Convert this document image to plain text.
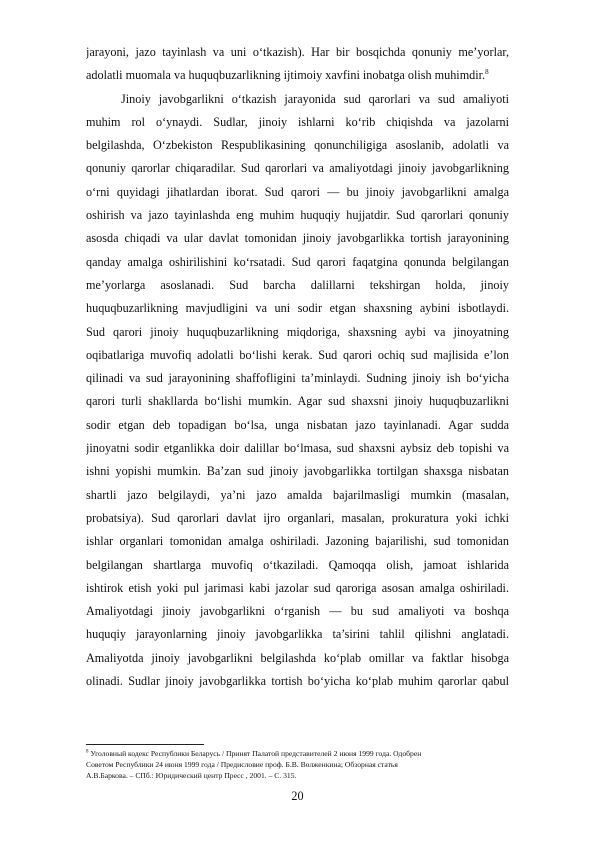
jarayoni, jazo tayinlash va uni o‘tkazish). Har bir bosqichda qonuniy me’yorlar,
adolatli muomala va huquqbuzarlikning ijtimoiy xavfini inobatga olish muhimdir.$^8$
Jinoiy javobgarlikni o‘tkazish jarayonida sud qarorlari va sud amaliyoti
muhim rol o‘ynaydi. Sudlar, jinoiy ishlarni ko‘rib chiqishda va jazolarni
belgilashda, O‘zbekiston Respublikasining qonunchiligiga asoslanib, adolatli va
qonuniy qarorlar chiqaradilar. Sud qarorlari va amaliyotdagi jinoiy javobgarlikning
o‘rni quyidagi jihatlardan iborat. Sud qarori — bu jinoiy javobgarlikni amalga
oshirish va jazo tayinlashda eng muhim huquqiy hujjatdir. Sud qarorlari qonuniy
asosda chiqadi va ular davlat tomonidan jinoiy javobgarlikka tortish jarayonining
qanday amalga oshirilishini ko‘rsatadi. Sud qarori faqatgina qonunda belgilangan
me’yorlarga asoslanadi. Sud barcha dalillarni tekshirgan holda, jinoiy
huquqbuzarlikning mavjudligini va uni sodir etgan shaxsning aybini isbotlaydi.
Sud qarori jinoiy huquqbuzarlikning miqdoriga, shaxsning aybi va jinoyatning
oqibatlariga muvofiq adolatli bo‘lishi kerak. Sud qarori ochiq sud majlisida e’lon
qilinadi va sud jarayonining shaffofligini ta’minlaydi. Sudning jinoiy ish bo‘yicha
qarori turli shakllarda bo‘lishi mumkin. Agar sud shaxsni jinoiy huquqbuzarlikni
sodir etgan deb topadigan bo‘lsa, unga nisbatan jazo tayinlanadi. Agar sudda
jinoyatni sodir etganlikka doir dalillar bo‘lmasa, sud shaxsni aybsiz deb topishi va
ishni yopishi mumkin. Ba’zan sud jinoiy javobgarlikka tortilgan shaxsga nisbatan
shartli jazo belgilaydi, ya’ni jazo amalda bajarilmasligi mumkin (masalan,
probatsiya). Sud qarorlari davlat ijro organlari, masalan, prokuratura yoki ichki
ishlar organlari tomonidan amalga oshiriladi. Jazoning bajarilishi, sud tomonidan
belgilangan shartlarga muvofiq o‘tkaziladi. Qamoqqa olish, jamoat ishlarida
ishtirok etish yoki pul jarimasi kabi jazolar sud qaroriga asosan amalga oshiriladi.
Amaliyotdagi jinoiy javobgarlikni o‘rganish — bu sud amaliyoti va boshqa
huquqiy jarayonlarning jinoiy javobgarlikka ta’sirini tahlil qilishni anglatadi.
Amaliyotda jinoiy javobgarlikni belgilashda ko‘plab omillar va faktlar hisobga
olinadi. Sudlar jinoiy javobgarlikka tortish bo‘yicha ko‘plab muhim qarorlar qabul
$^8$ Уголовный кодекс Республики Беларусь / Принят Палатой представителей 2 июня 1999 года. Одобрен
Советом Республики 24 июня 1999 года / Предисловие проф. Б.В. Волженкина; Обзорная статья
А.В.Баркова. – СПб.: Юридический центр Пресс , 2001. – С. 315.
20
